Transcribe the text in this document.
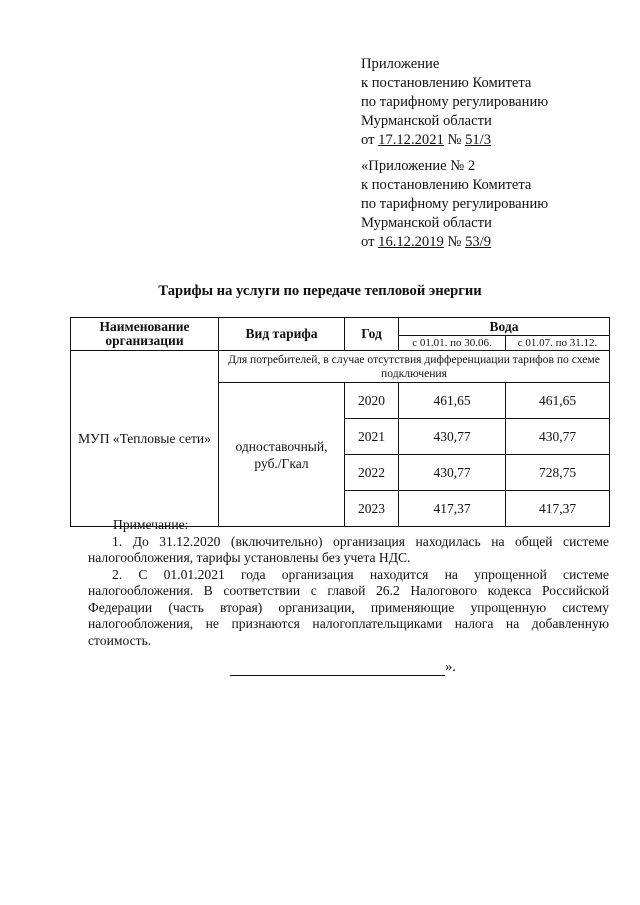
Приложение
к постановлению Комитета
по тарифному регулированию
Мурманской области
от 17.12.2021 № 51/3
«Приложение № 2
к постановлению Комитета
по тарифному регулированию
Мурманской области
от 16.12.2019 № 53/9
Тарифы на услуги по передаче тепловой энергии
Наименование организации	Вид тарифа	Год	Вода	
			с 01.01. по 30.06.	с 01.07. по 31.12.
МУП «Тепловые сети»	Для потребителей, в случае отсутствия дифференциации тарифов по схеме подключения			
	одноставочный, руб./Гкал	2020	461,65	461,65
		2021	430,77	430,77
		2022	430,77	728,75
		2023	417,37	417,37

Примечание:

1. До 31.12.2020 (включительно) организация находилась на общей системе налогообложения, тарифы установлены без учета НДС.

2. С 01.01.2021 года организация находится на упрощенной системе налогообложения. В соответствии с главой 26.2 Налогового кодекса Российской Федерации (часть вторая) организации, применяющие упрощенную систему налогообложения, не признаются налогоплательщиками налога на добавленную стоимость.

».
